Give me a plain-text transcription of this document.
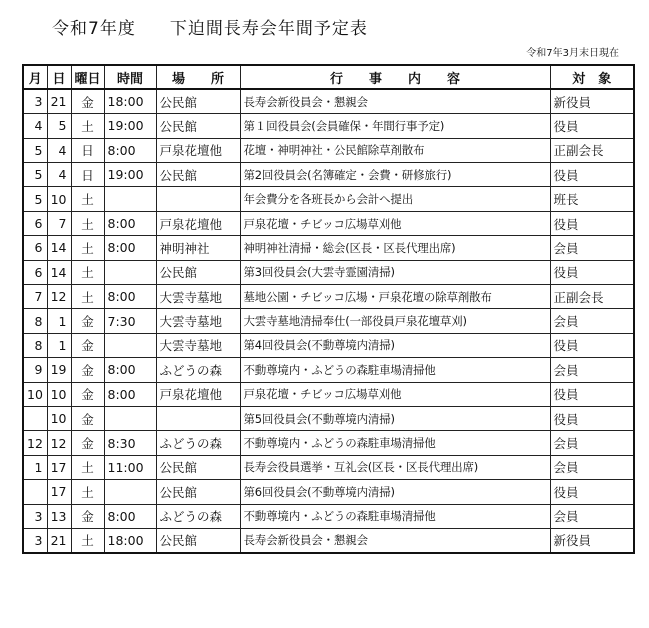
令和7年度 下迫間長寿会年間予定表
令和7年3月末日現在
月	日	曜日	時間	場　　所	行　　事　　内　　容	対　象
3	21	金	18:00	公民館	長寿会新役員会・懇親会	新役員
4	5	土	19:00	公民館	第１回役員会(会員確保・年間行事予定)	役員
5	4	日	8:00	戸泉花壇他	花壇・神明神社・公民館除草剤散布	正副会長
5	4	日	19:00	公民館	第2回役員会(名簿確定・会費・研修旅行)	役員
5	10	土			年会費分を各班長から会計へ提出	班長
6	7	土	8:00	戸泉花壇他	戸泉花壇・チビッコ広場草刈他	役員
6	14	土	8:00	神明神社	神明神社清掃・総会(区長・区長代理出席)	会員
6	14	土		公民館	第3回役員会(大雲寺霊園清掃)	役員
7	12	土	8:00	大雲寺墓地	墓地公園・チビッコ広場・戸泉花壇の除草剤散布	正副会長
8	1	金	7:30	大雲寺墓地	大雲寺墓地清掃奉仕(一部役員戸泉花壇草刈)	会員
8	1	金		大雲寺墓地	第4回役員会(不動尊境内清掃)	役員
9	19	金	8:00	ふどうの森	不動尊境内・ふどうの森駐車場清掃他	会員
10	10	金	8:00	戸泉花壇他	戸泉花壇・チビッコ広場草刈他	役員
	10	金			第5回役員会(不動尊境内清掃)	役員
12	12	金	8:30	ふどうの森	不動尊境内・ふどうの森駐車場清掃他	会員
1	17	土	11:00	公民館	長寿会役員選挙・互礼会(区長・区長代理出席)	会員
	17	土		公民館	第6回役員会(不動尊境内清掃)	役員
3	13	金	8:00	ふどうの森	不動尊境内・ふどうの森駐車場清掃他	会員
3	21	土	18:00	公民館	長寿会新役員会・懇親会	新役員
